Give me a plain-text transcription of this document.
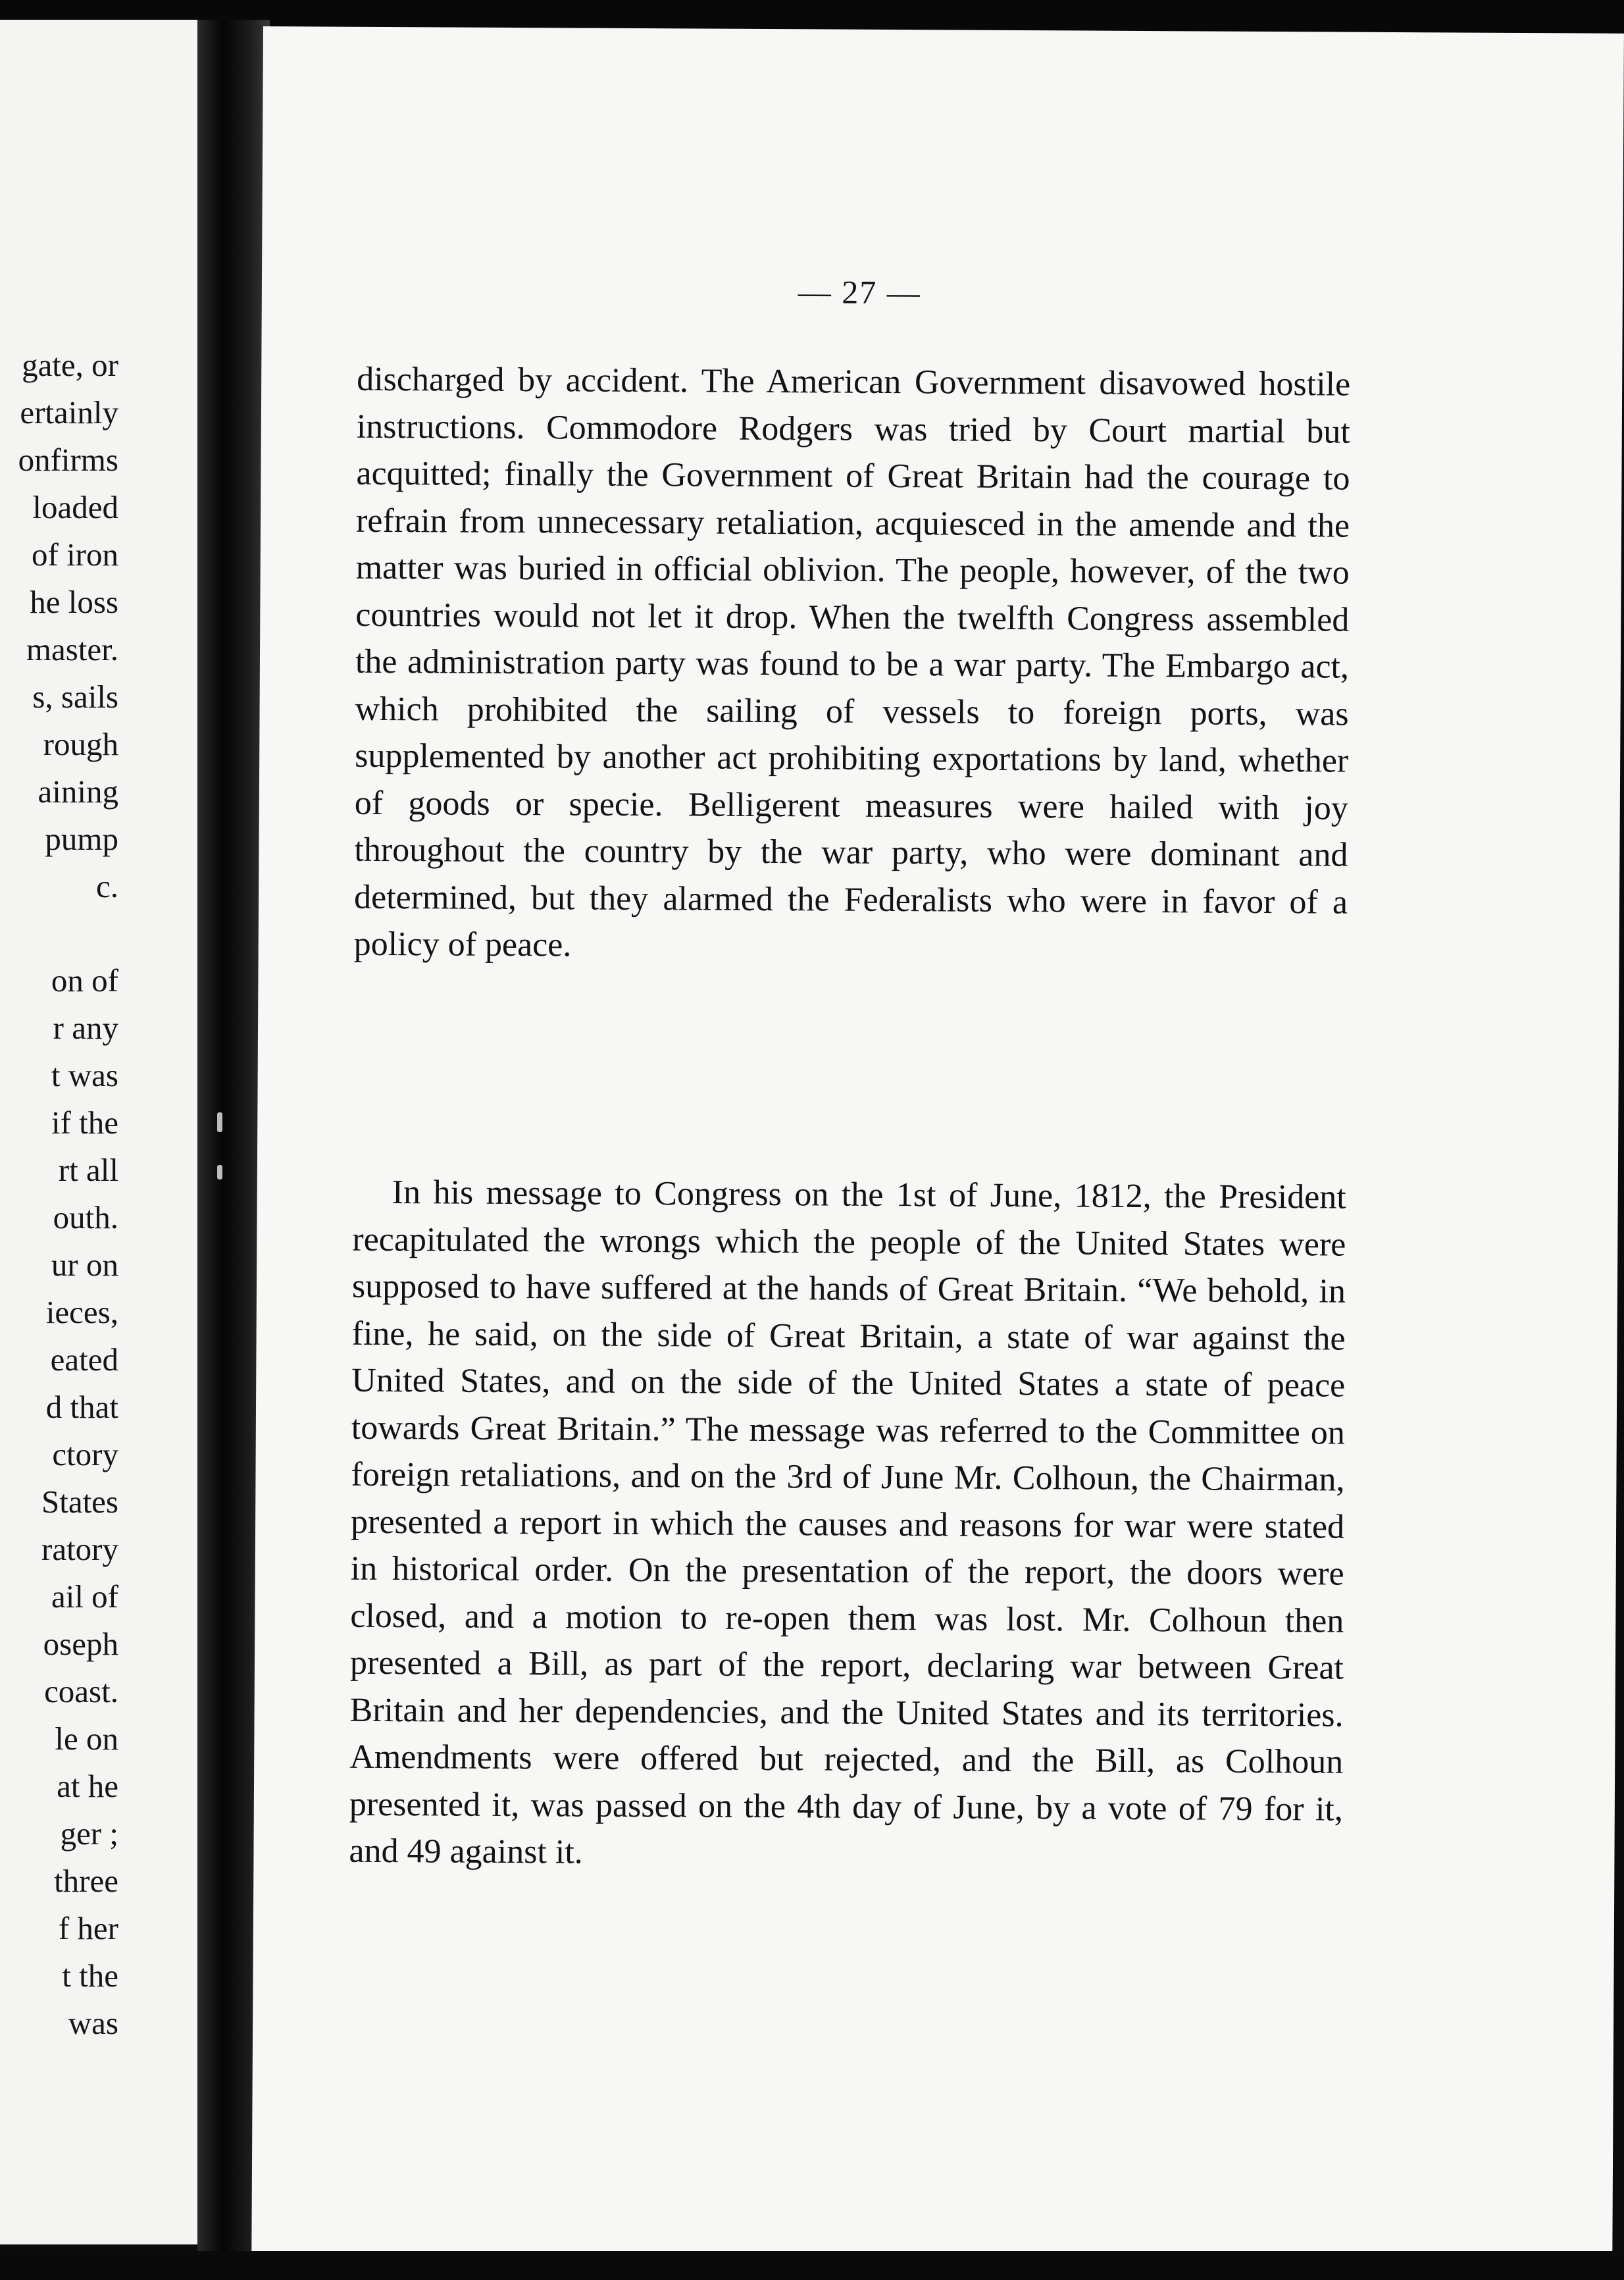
gate, or
ertainly
onfirms
loaded
of iron
he loss
master.
s, sails
rough
aining
pump
c.
on of
r any
t was
if the
rt all
outh.
ur on
ieces,
eated
d that
ctory
States
ratory
ail of
oseph
coast.
le on
at he
ger ;
three
f her
t the
was
— 27 —

discharged by accident. The American Government disavowed hostile instructions. Commodore Rodgers was tried by Court martial but acquitted; finally the Government of Great Britain had the courage to refrain from unnecessary retaliation, acquiesced in the amende and the matter was buried in official oblivion. The people, however, of the two countries would not let it drop. When the twelfth Congress assembled the administration party was found to be a war party. The Embargo act, which prohibited the sailing of vessels to foreign ports, was supplemented by another act prohibiting exportations by land, whether of goods or specie. Belligerent measures were hailed with joy throughout the country by the war party, who were dominant and determined, but they alarmed the Federalists who were in favor of a policy of peace.

In his message to Congress on the 1st of June, 1812, the President recapitulated the wrongs which the people of the United States were supposed to have suffered at the hands of Great Britain. “We behold, in fine, he said, on the side of Great Britain, a state of war against the United States, and on the side of the United States a state of peace towards Great Britain.” The message was referred to the Committee on foreign retaliations, and on the 3rd of June Mr. Colhoun, the Chairman, presented a report in which the causes and reasons for war were stated in historical order. On the presentation of the report, the doors were closed, and a motion to re-open them was lost. Mr. Colhoun then presented a Bill, as part of the report, declaring war between Great Britain and her dependencies, and the United States and its territories. Amendments were offered but rejected, and the Bill, as Colhoun presented it, was passed on the 4th day of June, by a vote of 79 for it, and 49 against it.
